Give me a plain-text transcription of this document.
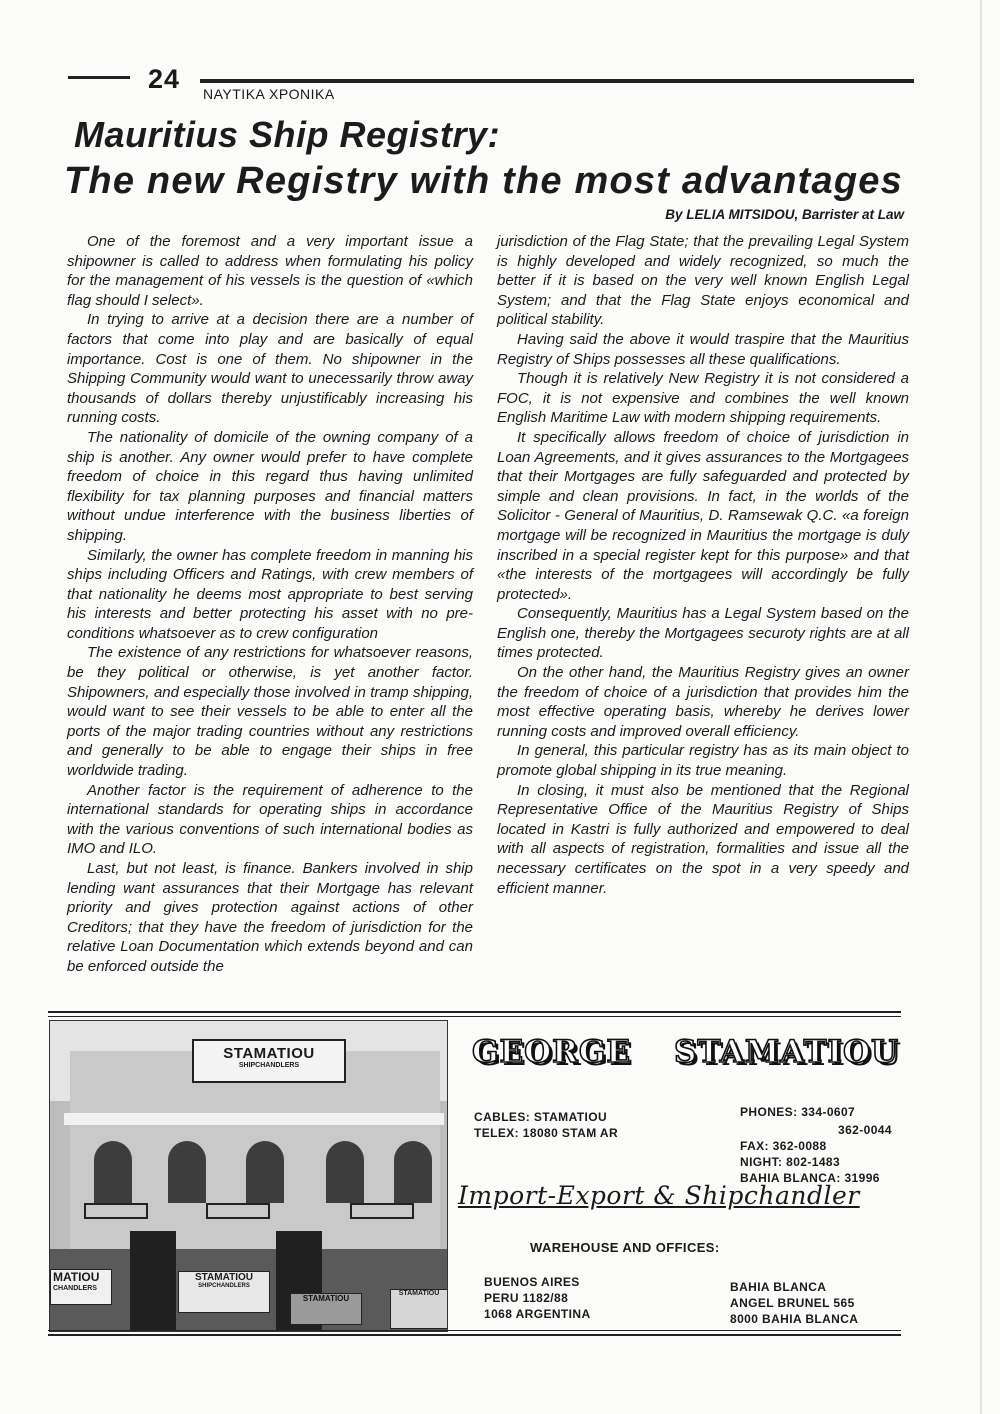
24 ΝΑΥΤΙΚΑ ΧΡΟΝΙΚΑ
Mauritius Ship Registry:
The new Registry with the most advantages
By LELIA MITSIDOU, Barrister at Law

One of the foremost and a very important issue a shipowner is called to address when formulating his policy for the management of his vessels is the question of «which flag should I select».

In trying to arrive at a decision there are a number of factors that come into play and are basically of equal importance. Cost is one of them. No shipowner in the Shipping Community would want to unecessarily throw away thousands of dollars thereby unjustificably increasing his running costs.

The nationality of domicile of the owning company of a ship is another. Any owner would prefer to have complete freedom of choice in this regard thus having unlimited flexibility for tax planning purposes and financial matters without undue interference with the business liberties of shipping.

Similarly, the owner has complete freedom in manning his ships including Officers and Ratings, with crew members of that nationality he deems most appropriate to best serving his interests and better protecting his asset with no pre-conditions whatsoever as to crew configuration

The existence of any restrictions for whatsoever reasons, be they political or otherwise, is yet another factor. Shipowners, and especially those involved in tramp shipping, would want to see their vessels to be able to enter all the ports of the major trading countries without any restrictions and generally to be able to engage their ships in free worldwide trading.

Another factor is the requirement of adherence to the international standards for operating ships in accordance with the various conventions of such international bodies as IMO and ILO.

Last, but not least, is finance. Bankers involved in ship lending want assurances that their Mortgage has relevant priority and gives protection against actions of other Creditors; that they have the freedom of jurisdiction for the relative Loan Documentation which extends beyond and can be enforced outside the

jurisdiction of the Flag State; that the prevailing Legal System is highly developed and widely recognized, so much the better if it is based on the very well known English Legal System; and that the Flag State enjoys economical and political stability.

Having said the above it would traspire that the Mauritius Registry of Ships possesses all these qualifications.

Though it is relatively New Registry it is not considered a FOC, it is not expensive and combines the well known English Maritime Law with modern shipping requirements.

It specifically allows freedom of choice of jurisdiction in Loan Agreements, and it gives assurances to the Mortgagees that their Mortgages are fully safeguarded and protected by simple and clean provisions. In fact, in the worlds of the Solicitor - General of Mauritius, D. Ramsewak Q.C. «a foreign mortgage will be recognized in Mauritius the mortgage is duly inscribed in a special register kept for this purpose» and that «the interests of the mortgagees will accordingly be fully protected».

Consequently, Mauritius has a Legal System based on the English one, thereby the Mortgagees securoty rights are at all times protected.

On the other hand, the Mauritius Registry gives an owner the freedom of choice of a jurisdiction that provides him the most effective operating basis, whereby he derives lower running costs and improved overall efficiency.

In general, this particular registry has as its main object to promote global shipping in its true meaning.

In closing, it must also be mentioned that the Regional Representative Office of the Mauritius Registry of Ships located in Kastri is fully authorized and empowered to deal with all aspects of registration, formalities and issue all the necessary certificates on the spot in a very speedy and efficient manner.

STAMATIOU
SHIPCHANDLERS
MATIOU
CHANDLERS
STAMATIOU
SHIPCHANDLERS
STAMATIOU
STAMATIOU
GEORGE STAMATIOU
CABLES: STAMATIOU
TELEX: 18080 STAM AR
PHONES: 334-0607
362-0044
FAX: 362-0088
NIGHT: 802-1483
BAHIA BLANCA: 31996
Import-Export & Shipchandler
WAREHOUSE AND OFFICES:
BUENOS AIRES
PERU 1182/88
1068 ARGENTINA
BAHIA BLANCA
ANGEL BRUNEL 565
8000 BAHIA BLANCA
